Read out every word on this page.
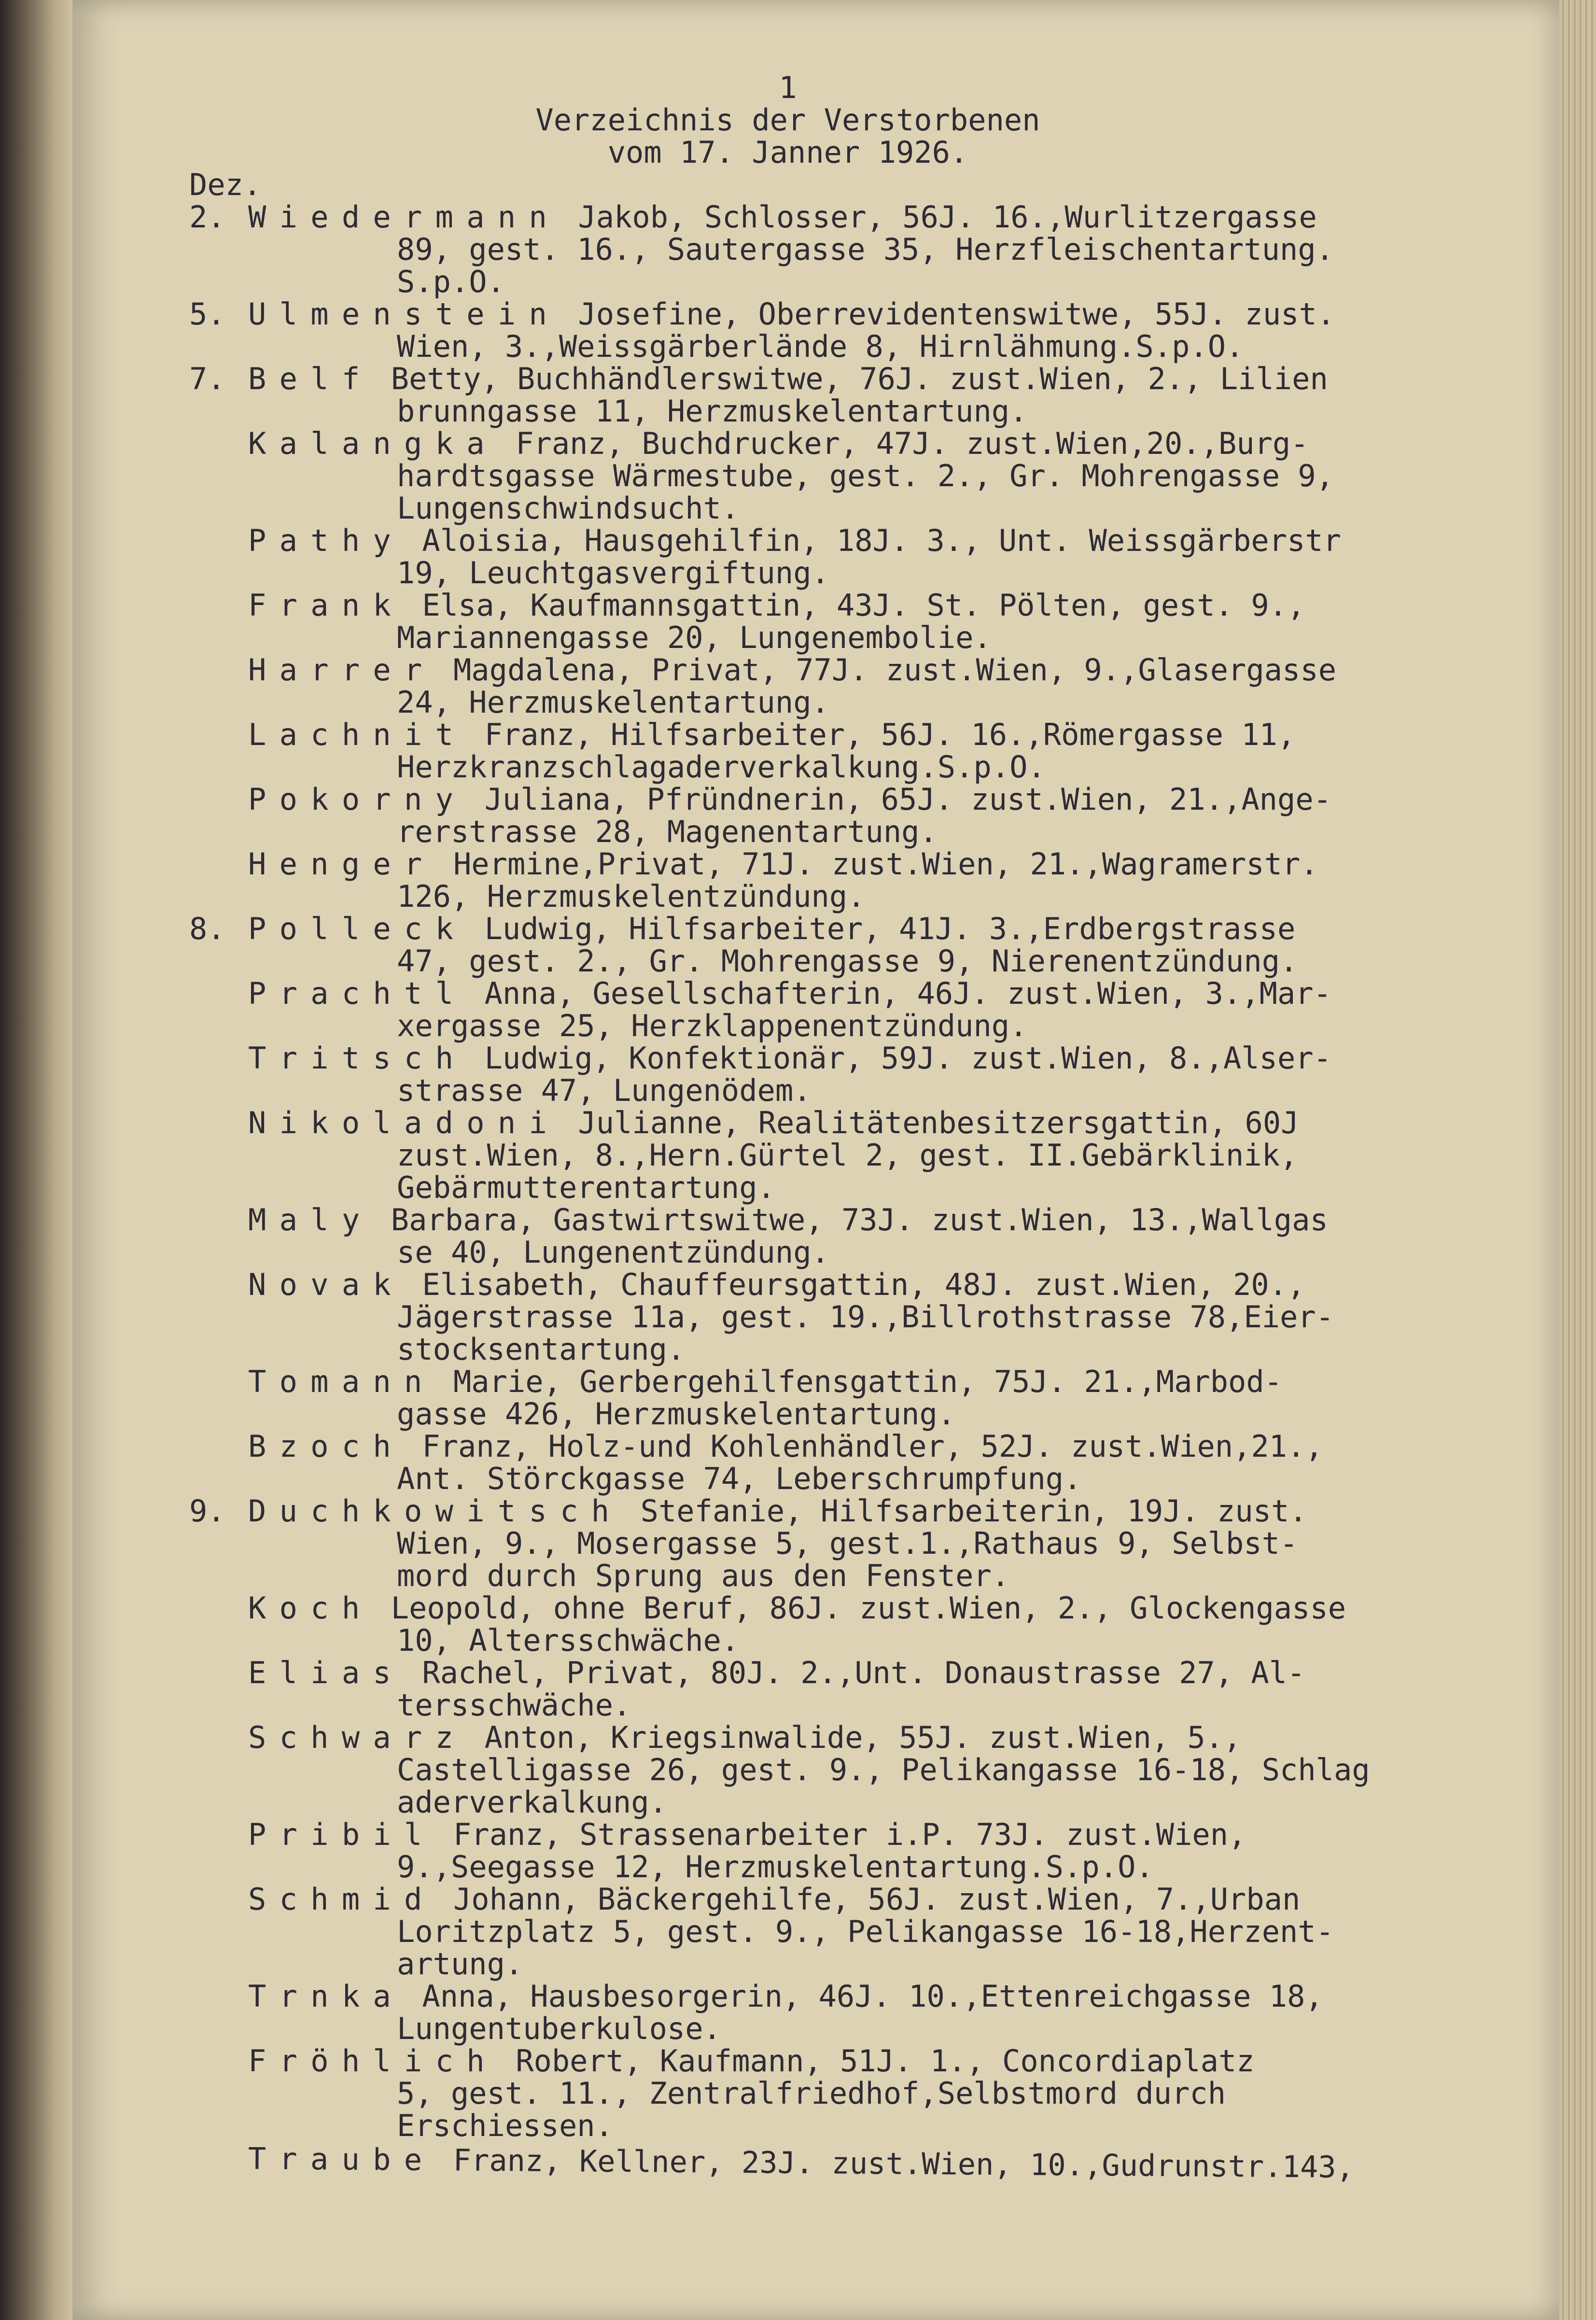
1
Verzeichnis der Verstorbenen
vom 17. Janner 1926.
Dez.
2. Wiedermann Jakob, Schlosser, 56J. 16.,Wurlitzergasse
89, gest. 16., Sautergasse 35, Herzfleischentartung.
S.p.O.
5. Ulmenstein Josefine, Oberrevidentenswitwe, 55J. zust.
Wien, 3.,Weissgärberlände 8, Hirnlähmung.S.p.O.
7. Belf Betty, Buchhändlerswitwe, 76J. zust.Wien, 2., Lilien
brunngasse 11, Herzmuskelentartung.
Kalangka Franz, Buchdrucker, 47J. zust.Wien,20.,Burg-
hardtsgasse Wärmestube, gest. 2., Gr. Mohrengasse 9,
Lungenschwindsucht.
Pathy Aloisia, Hausgehilfin, 18J. 3., Unt. Weissgärberstr
19, Leuchtgasvergiftung.
Frank Elsa, Kaufmannsgattin, 43J. St. Pölten, gest. 9.,
Mariannengasse 20, Lungenembolie.
Harrer Magdalena, Privat, 77J. zust.Wien, 9.,Glasergasse
24, Herzmuskelentartung.
Lachnit Franz, Hilfsarbeiter, 56J. 16.,Römergasse 11,
Herzkranzschlagaderverkalkung.S.p.O.
Pokorny Juliana, Pfründnerin, 65J. zust.Wien, 21.,Ange-
rerstrasse 28, Magenentartung.
Henger Hermine,Privat, 71J. zust.Wien, 21.,Wagramerstr.
126, Herzmuskelentzündung.
8. Polleck Ludwig, Hilfsarbeiter, 41J. 3.,Erdbergstrasse
47, gest. 2., Gr. Mohrengasse 9, Nierenentzündung.
Prachtl Anna, Gesellschafterin, 46J. zust.Wien, 3.,Mar-
xergasse 25, Herzklappenentzündung.
Tritsch Ludwig, Konfektionär, 59J. zust.Wien, 8.,Alser-
strasse 47, Lungenödem.
Nikoladoni Julianne, Realitätenbesitzersgattin, 60J
zust.Wien, 8.,Hern.Gürtel 2, gest. II.Gebärklinik,
Gebärmutterentartung.
Maly Barbara, Gastwirtswitwe, 73J. zust.Wien, 13.,Wallgas
se 40, Lungenentzündung.
Novak Elisabeth, Chauffeursgattin, 48J. zust.Wien, 20.,
Jägerstrasse 11a, gest. 19.,Billrothstrasse 78,Eier-
stocksentartung.
Tomann Marie, Gerbergehilfensgattin, 75J. 21.,Marbod-
gasse 426, Herzmuskelentartung.
Bzoch Franz, Holz-und Kohlenhändler, 52J. zust.Wien,21.,
Ant. Störckgasse 74, Leberschrumpfung.
9. Duchkowitsch Stefanie, Hilfsarbeiterin, 19J. zust.
Wien, 9., Mosergasse 5, gest.1.,Rathaus 9, Selbst-
mord durch Sprung aus den Fenster.
Koch Leopold, ohne Beruf, 86J. zust.Wien, 2., Glockengasse
10, Altersschwäche.
Elias Rachel, Privat, 80J. 2.,Unt. Donaustrasse 27, Al-
tersschwäche.
Schwarz Anton, Kriegsinwalide, 55J. zust.Wien, 5.,
Castelligasse 26, gest. 9., Pelikangasse 16-18, Schlag
aderverkalkung.
Pribil Franz, Strassenarbeiter i.P. 73J. zust.Wien,
9.,Seegasse 12, Herzmuskelentartung.S.p.O.
Schmid Johann, Bäckergehilfe, 56J. zust.Wien, 7.,Urban
Loritzplatz 5, gest. 9., Pelikangasse 16-18,Herzent-
artung.
Trnka Anna, Hausbesorgerin, 46J. 10.,Ettenreichgasse 18,
Lungentuberkulose.
Fröhlich Robert, Kaufmann, 51J. 1., Concordiaplatz
5, gest. 11., Zentralfriedhof,Selbstmord durch
Erschiessen.
Traube Franz, Kellner, 23J. zust.Wien, 10.,Gudrunstr.143,
